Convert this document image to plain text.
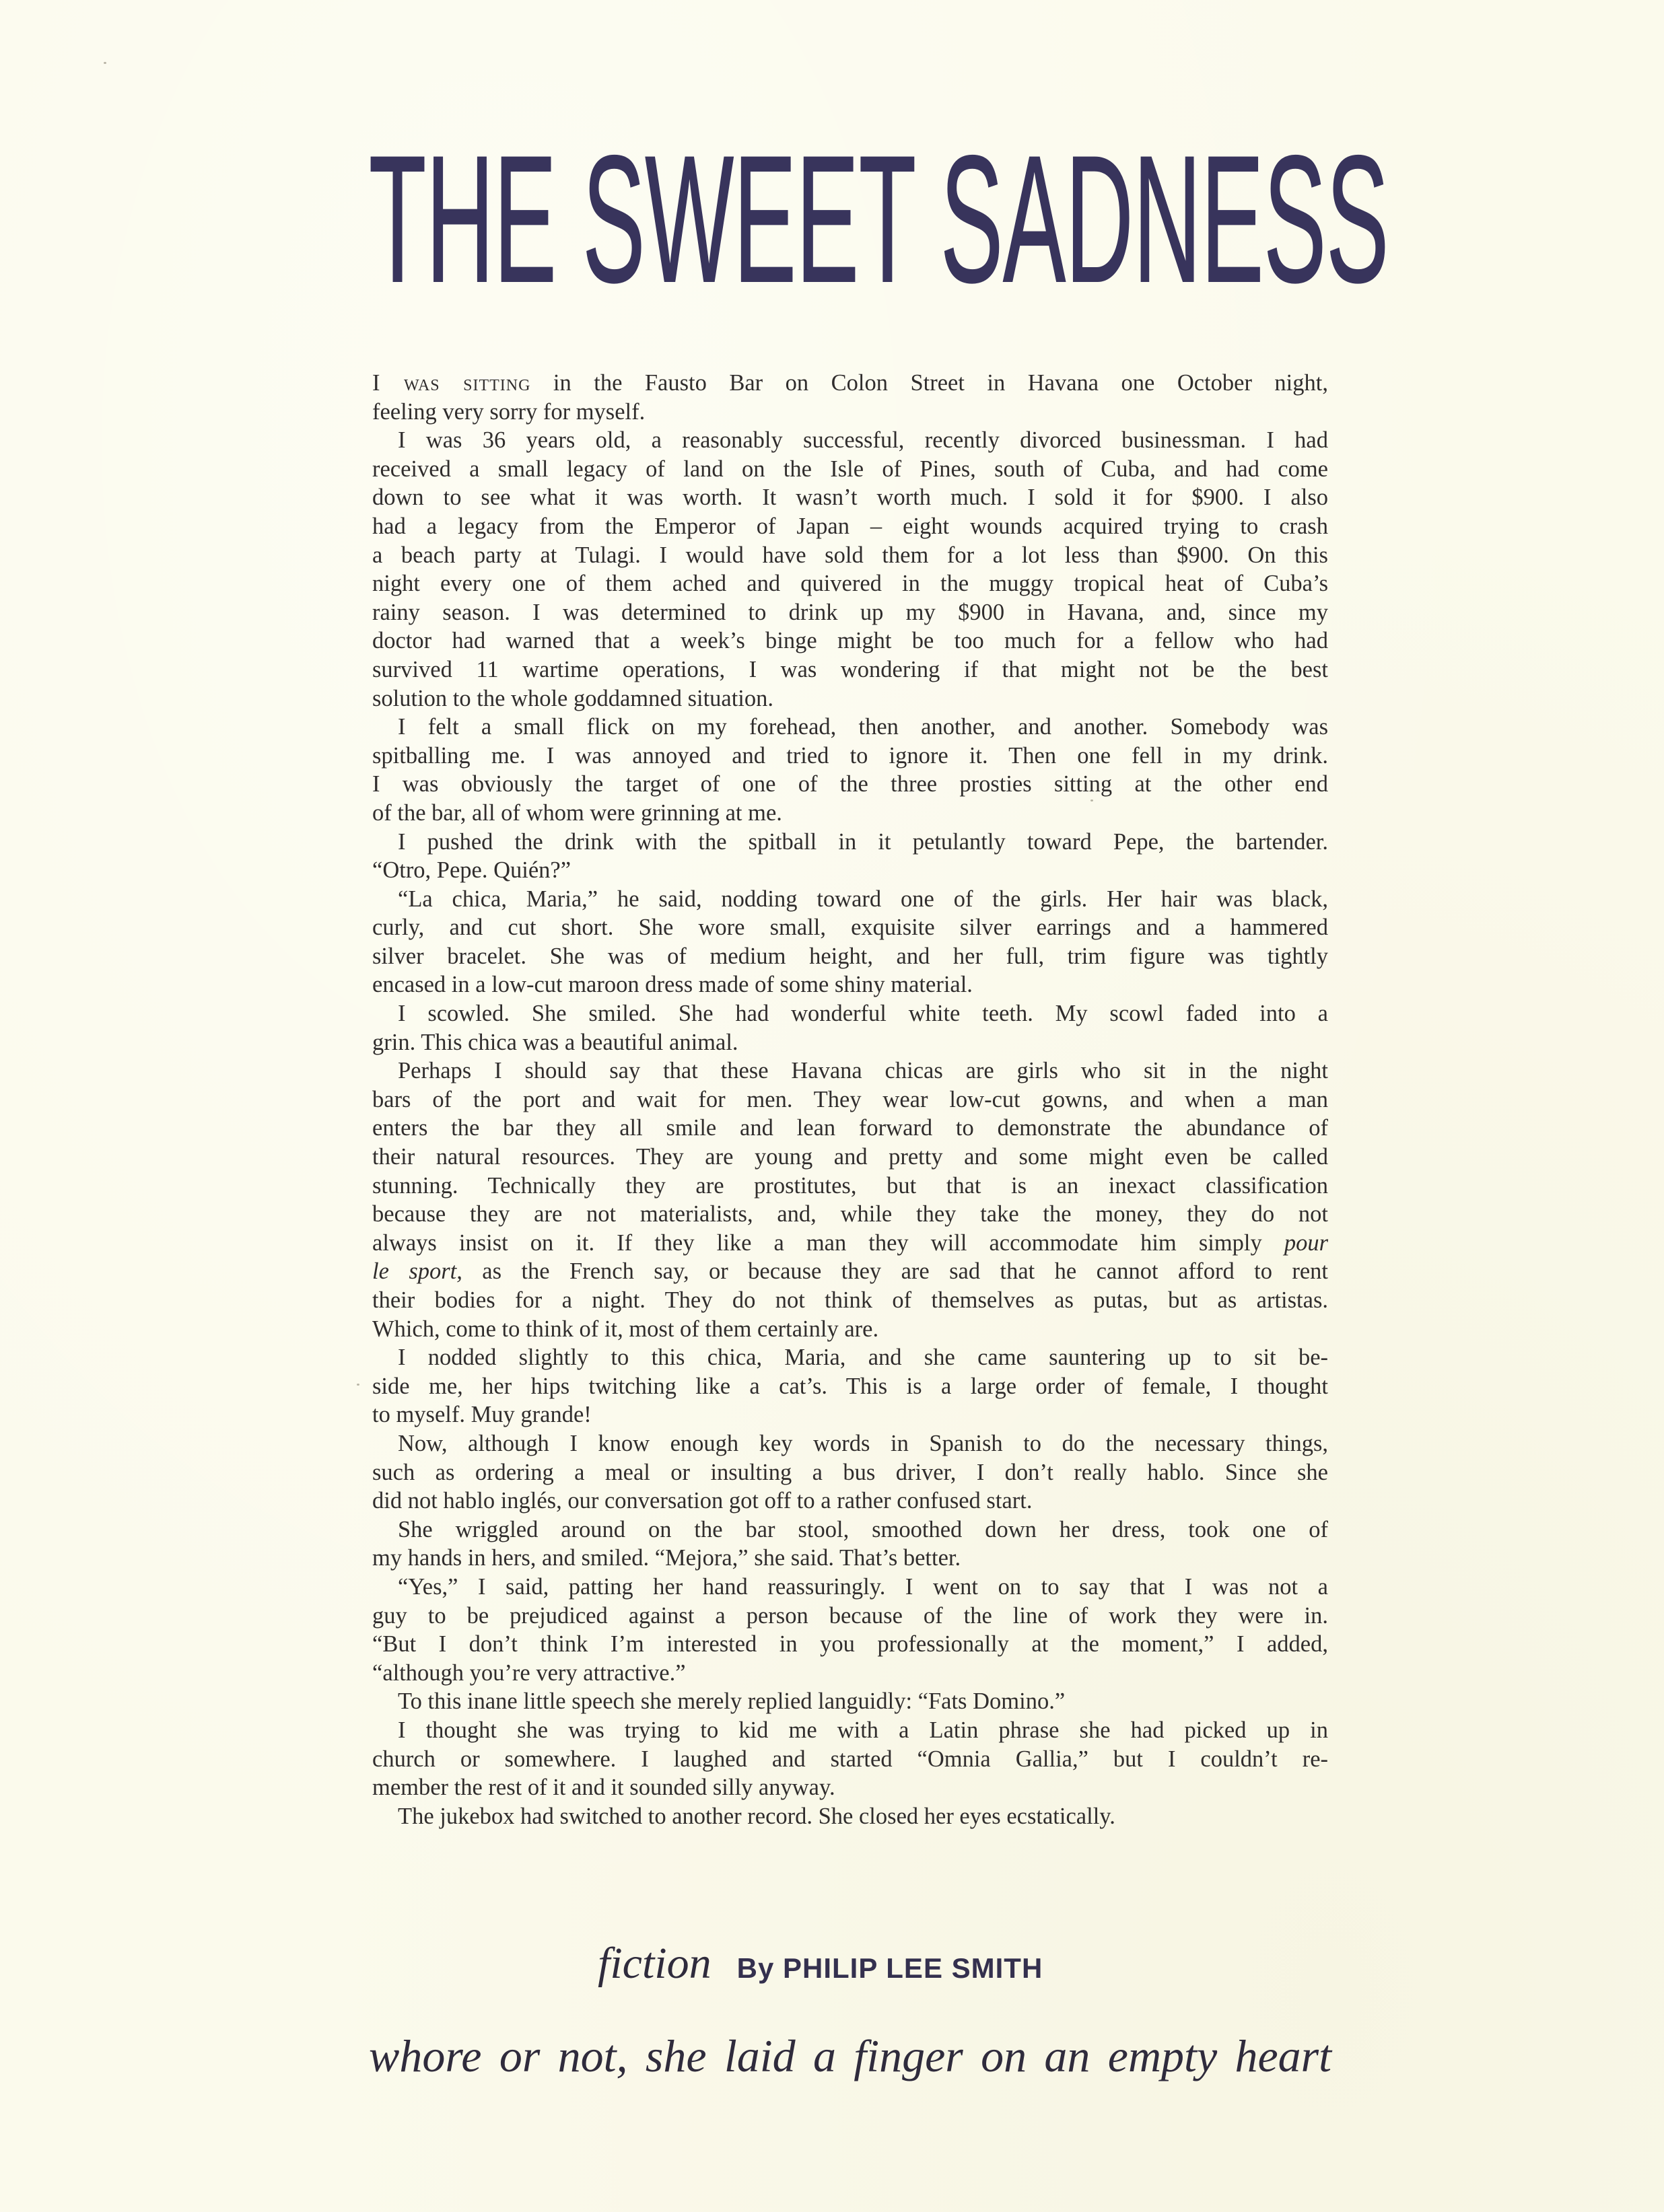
THE SWEET SADNESS
I was sitting in the Fausto Bar on Colon Street in Havana one October night,
feeling very sorry for myself.
I was 36 years old, a reasonably successful, recently divorced businessman. I had
received a small legacy of land on the Isle of Pines, south of Cuba, and had come
down to see what it was worth. It wasn’t worth much. I sold it for $900. I also
had a legacy from the Emperor of Japan – eight wounds acquired trying to crash
a beach party at Tulagi. I would have sold them for a lot less than $900. On this
night every one of them ached and quivered in the muggy tropical heat of Cuba’s
rainy season. I was determined to drink up my $900 in Havana, and, since my
doctor had warned that a week’s binge might be too much for a fellow who had
survived 11 wartime operations, I was wondering if that might not be the best
solution to the whole goddamned situation.
I felt a small flick on my forehead, then another, and another. Somebody was
spitballing me. I was annoyed and tried to ignore it. Then one fell in my drink.
I was obviously the target of one of the three prosties sitting at the other end
of the bar, all of whom were grinning at me.
I pushed the drink with the spitball in it petulantly toward Pepe, the bartender.
“Otro, Pepe. Quién?”
“La chica, Maria,” he said, nodding toward one of the girls. Her hair was black,
curly, and cut short. She wore small, exquisite silver earrings and a hammered
silver bracelet. She was of medium height, and her full, trim figure was tightly
encased in a low-cut maroon dress made of some shiny material.
I scowled. She smiled. She had wonderful white teeth. My scowl faded into a
grin. This chica was a beautiful animal.
Perhaps I should say that these Havana chicas are girls who sit in the night
bars of the port and wait for men. They wear low-cut gowns, and when a man
enters the bar they all smile and lean forward to demonstrate the abundance of
their natural resources. They are young and pretty and some might even be called
stunning. Technically they are prostitutes, but that is an inexact classification
because they are not materialists, and, while they take the money, they do not
always insist on it. If they like a man they will accommodate him simply pour
le sport, as the French say, or because they are sad that he cannot afford to rent
their bodies for a night. They do not think of themselves as putas, but as artistas.
Which, come to think of it, most of them certainly are.
I nodded slightly to this chica, Maria, and she came sauntering up to sit be-
side me, her hips twitching like a cat’s. This is a large order of female, I thought
to myself. Muy grande!
Now, although I know enough key words in Spanish to do the necessary things,
such as ordering a meal or insulting a bus driver, I don’t really hablo. Since she
did not hablo inglés, our conversation got off to a rather confused start.
She wriggled around on the bar stool, smoothed down her dress, took one of
my hands in hers, and smiled. “Mejora,” she said. That’s better.
“Yes,” I said, patting her hand reassuringly. I went on to say that I was not a
guy to be prejudiced against a person because of the line of work they were in.
“But I don’t think I’m interested in you professionally at the moment,” I added,
“although you’re very attractive.”
To this inane little speech she merely replied languidly: “Fats Domino.”
I thought she was trying to kid me with a Latin phrase she had picked up in
church or somewhere. I laughed and started “Omnia Gallia,” but I couldn’t re-
member the rest of it and it sounded silly anyway.
The jukebox had switched to another record. She closed her eyes ecstatically.
fiction By PHILIP LEE SMITH
whore or not, she laid a finger on an empty heart
